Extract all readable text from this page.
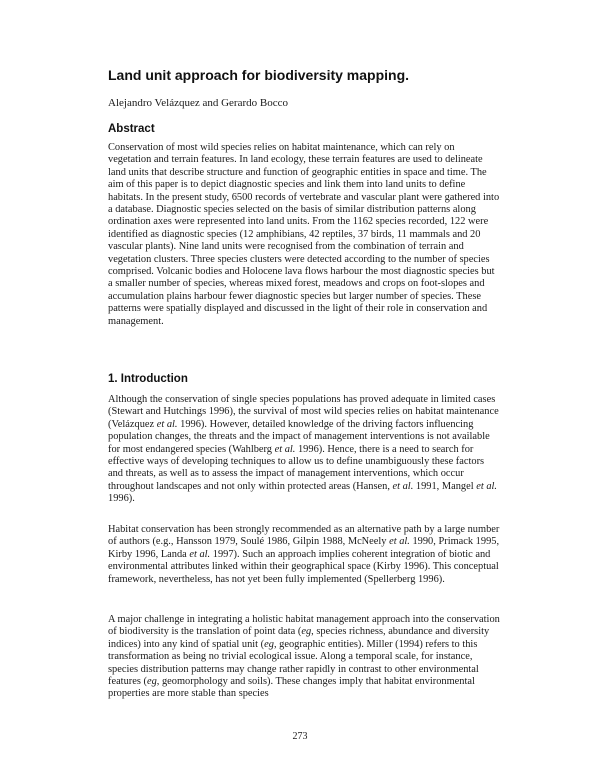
Land unit approach for biodiversity mapping.
Alejandro Velázquez and Gerardo Bocco
Abstract

Conservation of most wild species relies on habitat maintenance, which can rely on vegetation and terrain features. In land ecology, these terrain features are used to delineate land units that describe structure and function of geographic entities in space and time. The aim of this paper is to depict diagnostic species and link them into land units to define habitats. In the present study, 6500 records of vertebrate and vascular plant were gathered into a database. Diagnostic species selected on the basis of similar distribution patterns along ordination axes were represented into land units. From the 1162 species recorded, 122 were identified as diagnostic species (12 amphibians, 42 reptiles, 37 birds, 11 mammals and 20 vascular plants). Nine land units were recognised from the combination of terrain and vegetation clusters. Three species clusters were detected according to the number of species comprised. Volcanic bodies and Holocene lava flows harbour the most diagnostic species but a smaller number of species, whereas mixed forest, meadows and crops on foot-slopes and accumulation plains harbour fewer diagnostic species but larger number of species. These patterns were spatially displayed and discussed in the light of their role in conservation and management.

1. Introduction

Although the conservation of single species populations has proved adequate in limited cases (Stewart and Hutchings 1996), the survival of most wild species relies on habitat maintenance (Velázquez et al. 1996). However, detailed knowledge of the driving factors influencing population changes, the threats and the impact of management interventions is not available for most endangered species (Wahlberg et al. 1996). Hence, there is a need to search for effective ways of developing techniques to allow us to define unambiguously these factors and threats, as well as to assess the impact of management interventions, which occur throughout landscapes and not only within protected areas (Hansen, et al. 1991, Mangel et al. 1996).

Habitat conservation has been strongly recommended as an alternative path by a large number of authors (e.g., Hansson 1979, Soulé 1986, Gilpin 1988, McNeely et al. 1990, Primack 1995, Kirby 1996, Landa et al. 1997). Such an approach implies coherent integration of biotic and environmental attributes linked within their geographical space (Kirby 1996). This conceptual framework, nevertheless, has not yet been fully implemented (Spellerberg 1996).

A major challenge in integrating a holistic habitat management approach into the conservation of biodiversity is the translation of point data (eg, species richness, abundance and diversity indices) into any kind of spatial unit (eg, geographic entities). Miller (1994) refers to this transformation as being no trivial ecological issue. Along a temporal scale, for instance, species distribution patterns may change rather rapidly in contrast to other environmental features (eg, geomorphology and soils). These changes imply that habitat environmental properties are more stable than species

273
